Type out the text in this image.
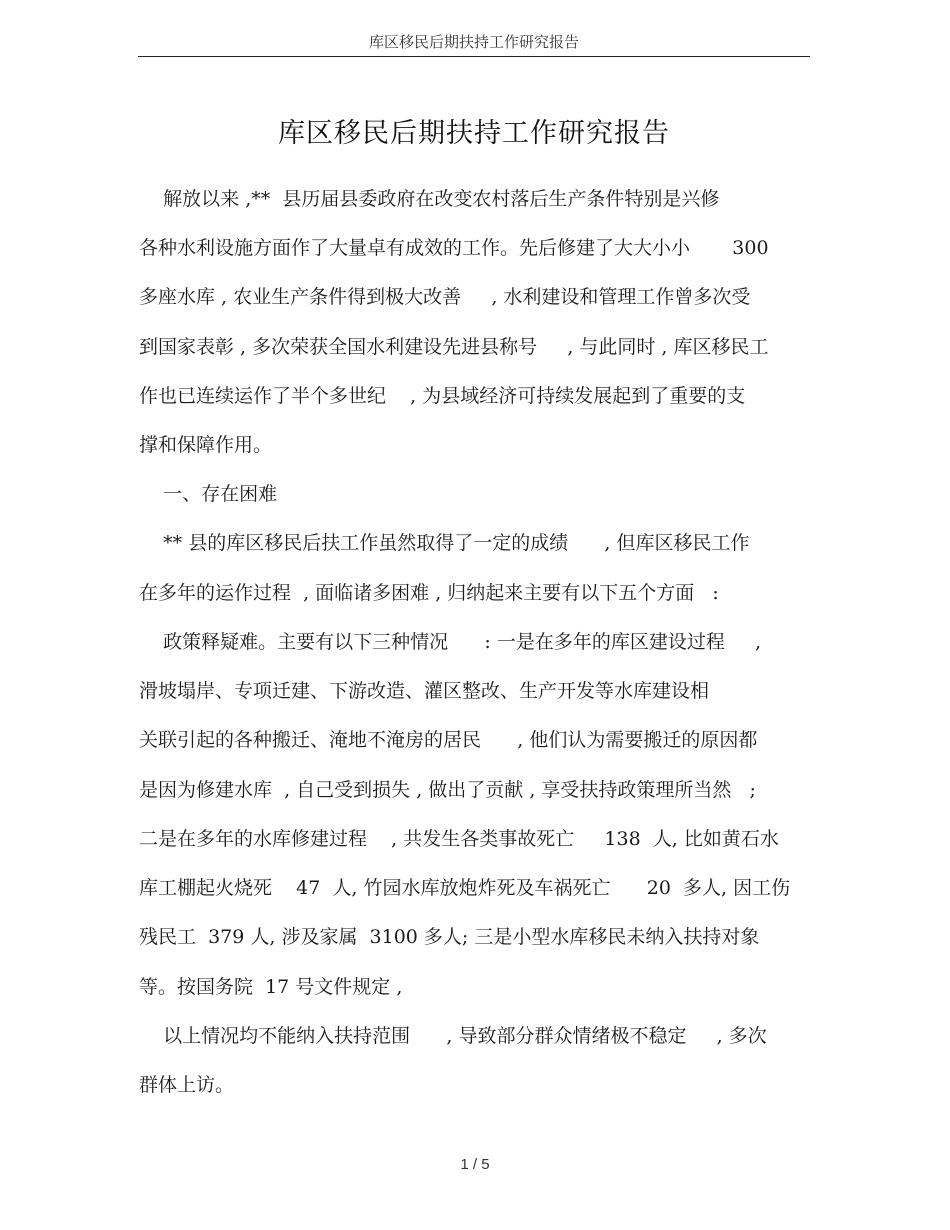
库区移民后期扶持工作研究报告
库区移民后期扶持工作研究报告
解放以来 ,**  县历届县委政府在改变农村落后生产条件特别是兴修
各种水利设施方面作了大量卓有成效的工作。先后修建了大大小小       300
多座水库 , 农业生产条件得到极大改善     , 水利建设和管理工作曾多次受
到国家表彰 , 多次荣获全国水利建设先进县称号     , 与此同时 , 库区移民工
作也已连续运作了半个多世纪    , 为县域经济可持续发展起到了重要的支
撑和保障作用。
一、存在困难
** 县的库区移民后扶工作虽然取得了一定的成绩      , 但库区移民工作
在多年的运作过程  , 面临诸多困难 , 归纳起来主要有以下五个方面   :
政策释疑难。主要有以下三种情况      : 一是在多年的库区建设过程     ,
滑坡塌岸、专项迁建、下游改造、灌区整改、生产开发等水库建设相
关联引起的各种搬迁、淹地不淹房的居民      , 他们认为需要搬迁的原因都
是因为修建水库  , 自己受到损失 , 做出了贡献 , 享受扶持政策理所当然   ;
二是在多年的水库修建过程    , 共发生各类事故死亡     138  人, 比如黄石水
库工棚起火烧死    47  人, 竹园水库放炮炸死及车祸死亡      20  多人, 因工伤
残民工  379 人, 涉及家属  3100 多人; 三是小型水库移民未纳入扶持对象
等。按国务院  17 号文件规定 ,
以上情况均不能纳入扶持范围      , 导致部分群众情绪极不稳定     , 多次
群体上访。
1 / 5
